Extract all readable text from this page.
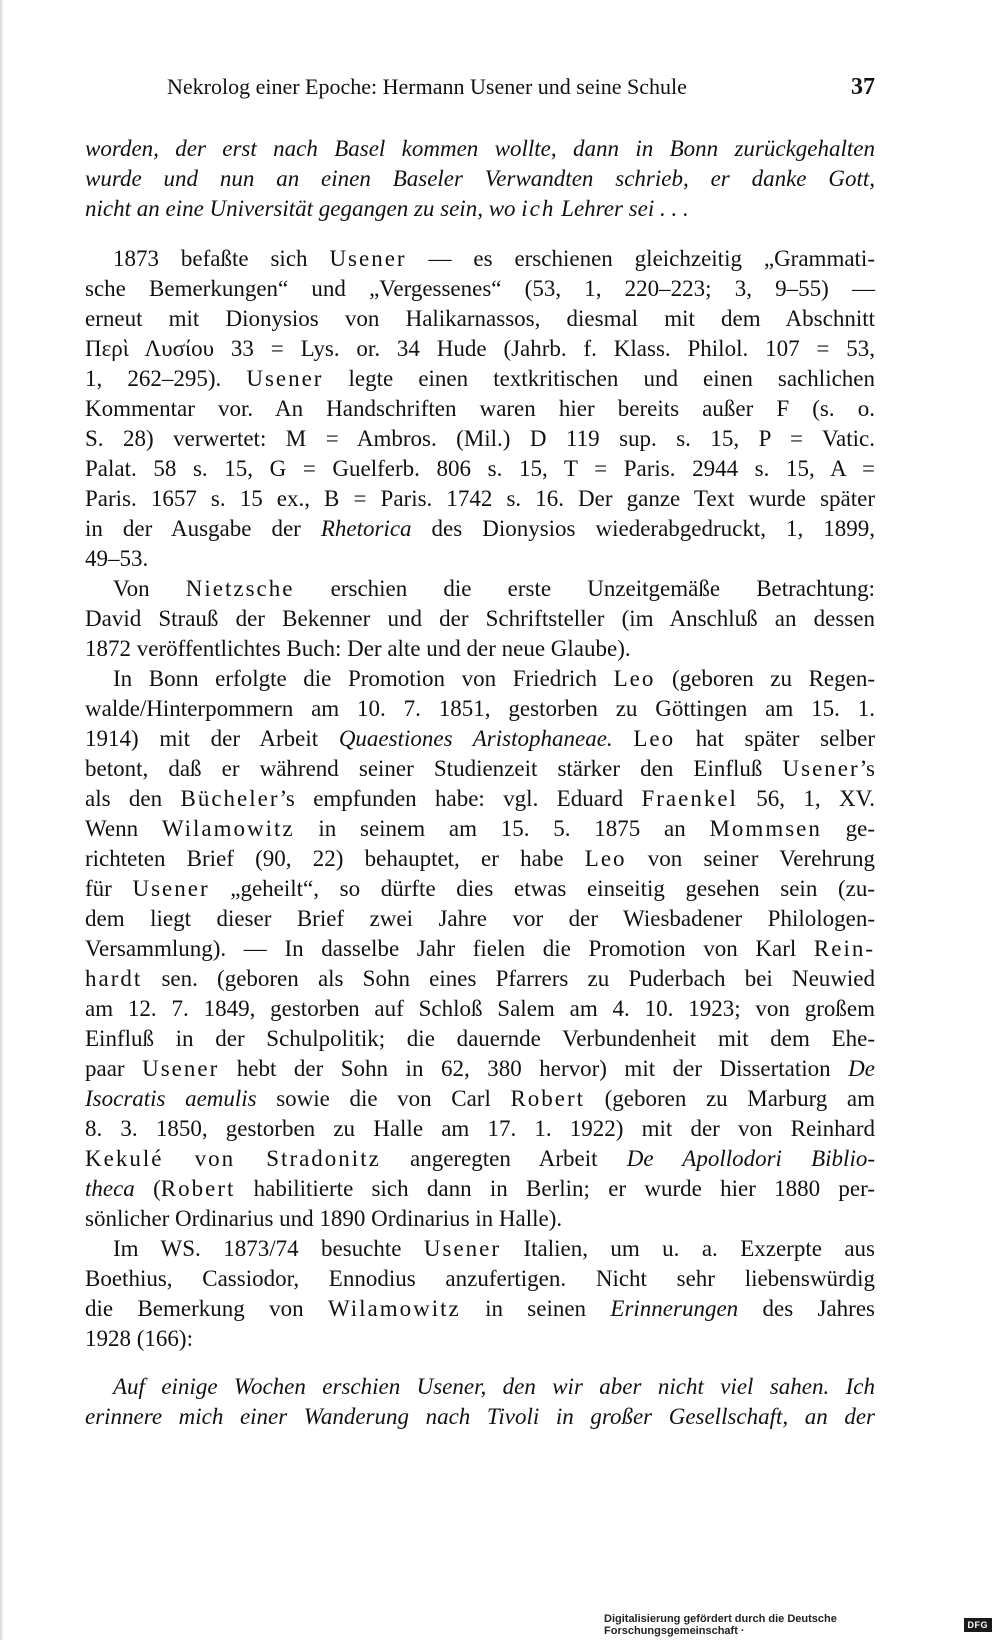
Nekrolog einer Epoche: Hermann Usener und seine Schule	37
worden, der erst nach Basel kommen wollte, dann in Bonn zurückgehalten
wurde und nun an einen Baseler Verwandten schrieb, er danke Gott,
nicht an eine Universität gegangen zu sein, wo ich Lehrer sei . . .
1873 befaßte sich Usener — es erschienen gleichzeitig „Grammati-
sche Bemerkungen“ und „Vergessenes“ (53, 1, 220–223; 3, 9–55) —
erneut mit Dionysios von Halikarnassos, diesmal mit dem Abschnitt
Περὶ Λυσίου 33 = Lys. or. 34 Hude (Jahrb. f. Klass. Philol. 107 = 53,
1, 262–295). Usener legte einen textkritischen und einen sachlichen
Kommentar vor. An Handschriften waren hier bereits außer F (s. o.
S. 28) verwertet: M = Ambros. (Mil.) D 119 sup. s. 15, P = Vatic.
Palat. 58 s. 15, G = Guelferb. 806 s. 15, T = Paris. 2944 s. 15, A =
Paris. 1657 s. 15 ex., B = Paris. 1742 s. 16. Der ganze Text wurde später
in der Ausgabe der Rhetorica des Dionysios wiederabgedruckt, 1, 1899,
49–53.
Von Nietzsche erschien die erste Unzeitgemäße Betrachtung:
David Strauß der Bekenner und der Schriftsteller (im Anschluß an dessen
1872 veröffentlichtes Buch: Der alte und der neue Glaube).
In Bonn erfolgte die Promotion von Friedrich Leo (geboren zu Regen-
walde/Hinterpommern am 10. 7. 1851, gestorben zu Göttingen am 15. 1.
1914) mit der Arbeit Quaestiones Aristophaneae. Leo hat später selber
betont, daß er während seiner Studienzeit stärker den Einfluß Usener’s
als den Bücheler’s empfunden habe: vgl. Eduard Fraenkel 56, 1, XV.
Wenn Wilamowitz in seinem am 15. 5. 1875 an Mommsen ge-
richteten Brief (90, 22) behauptet, er habe Leo von seiner Verehrung
für Usener „geheilt“, so dürfte dies etwas einseitig gesehen sein (zu-
dem liegt dieser Brief zwei Jahre vor der Wiesbadener Philologen-
Versammlung). — In dasselbe Jahr fielen die Promotion von Karl Rein-
hardt sen. (geboren als Sohn eines Pfarrers zu Puderbach bei Neuwied
am 12. 7. 1849, gestorben auf Schloß Salem am 4. 10. 1923; von großem
Einfluß in der Schulpolitik; die dauernde Verbundenheit mit dem Ehe-
paar Usener hebt der Sohn in 62, 380 hervor) mit der Dissertation De
Isocratis aemulis sowie die von Carl Robert (geboren zu Marburg am
8. 3. 1850, gestorben zu Halle am 17. 1. 1922) mit der von Reinhard
Kekulé von Stradonitz angeregten Arbeit De Apollodori Biblio-
theca (Robert habilitierte sich dann in Berlin; er wurde hier 1880 per-
sönlicher Ordinarius und 1890 Ordinarius in Halle).
Im WS. 1873/74 besuchte Usener Italien, um u. a. Exzerpte aus
Boethius, Cassiodor, Ennodius anzufertigen. Nicht sehr liebenswürdig
die Bemerkung von Wilamowitz in seinen Erinnerungen des Jahres
1928 (166):
Auf einige Wochen erschien Usener, den wir aber nicht viel sahen. Ich
erinnere mich einer Wanderung nach Tivoli in großer Gesellschaft, an der
Digitalisierung gefördert durch die Deutsche Forschungsgemeinschaft ·	DFG
